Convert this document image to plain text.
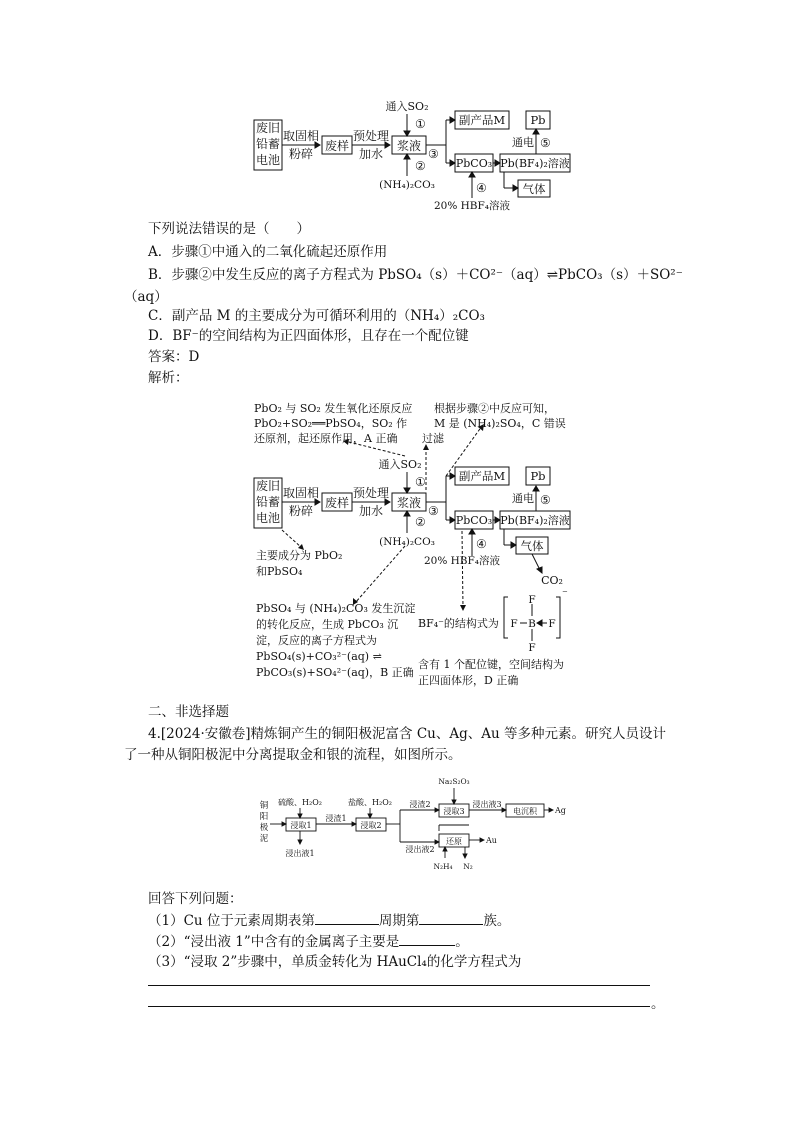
废旧
铅蓄
电池
取固相
粉碎
废样
预处理
加水
浆液
通入SO₂
①
②
③
④
⑤
(NH₄)₂CO₃
副产品M
PbCO₃ Pb(BF₄)₂溶液
Pb
通电
气体
20% HBF₄溶液
下列说法错误的是（　　）
A．步骤①中通入的二氧化硫起还原作用
B．步骤②中发生反应的离子方程式为 PbSO₄（s）＋CO²⁻（aq）⇌PbCO₃（s）＋SO²⁻
（aq）
C．副产品 M 的主要成分为可循环利用的（NH₄）₂CO₃
D．BF⁻的空间结构为正四面体形，且存在一个配位键
答案：D
解析：
PbO₂ 与 SO₂ 发生氧化还原反应
PbO₂+SO₂══PbSO₄，SO₂ 作
还原剂，起还原作用，A 正确
根据步骤②中反应可知，
M 是 (NH₄)₂SO₄，C 错误
过滤
废旧
铅蓄
电池
取固相
粉碎
废样
预处理
加水
浆液
通入SO₂
①
②
③
④
⑤
(NH₄)₂CO₃
副产品M
PbCO₃ Pb(BF₄)₂溶液
Pb
通电
气体
20% HBF₄溶液
CO₂
主要成分为 PbO₂
和PbSO₄
PbSO₄ 与 (NH₄)₂CO₃ 发生沉淀
的转化反应，生成 PbCO₃ 沉
淀，反应的离子方程式为
PbSO₄(s)+CO₃²⁻(aq) ⇌
PbCO₃(s)+SO₄²⁻(aq)，B 正确
BF₄⁻的结构式为
F
F B F
F
⁻
含有 1 个配位键，空间结构为
正四面体形，D 正确
二、非选择题
4.[2024·安徽卷]精炼铜产生的铜阳极泥富含 Cu、Ag、Au 等多种元素。研究人员设计
了一种从铜阳极泥中分离提取金和银的流程，如图所示。
铜
阳
极
泥
硫酸、H₂O₂	盐酸、H₂O₂
浸取1	浸取2
浸取3
浸渣1
浸渣2
浸出液1	浸出液2
浸出液3
Na₂S₂O₃
电沉积 Ag
还原	Au
N₂H₄ N₂
回答下列问题：
（1）Cu 位于元素周期表第	周期第	族。
（2）“浸出液 1”中含有的金属离子主要是	。
（3）“浸取 2”步骤中，单质金转化为 HAuCl₄的化学方程式为
。
